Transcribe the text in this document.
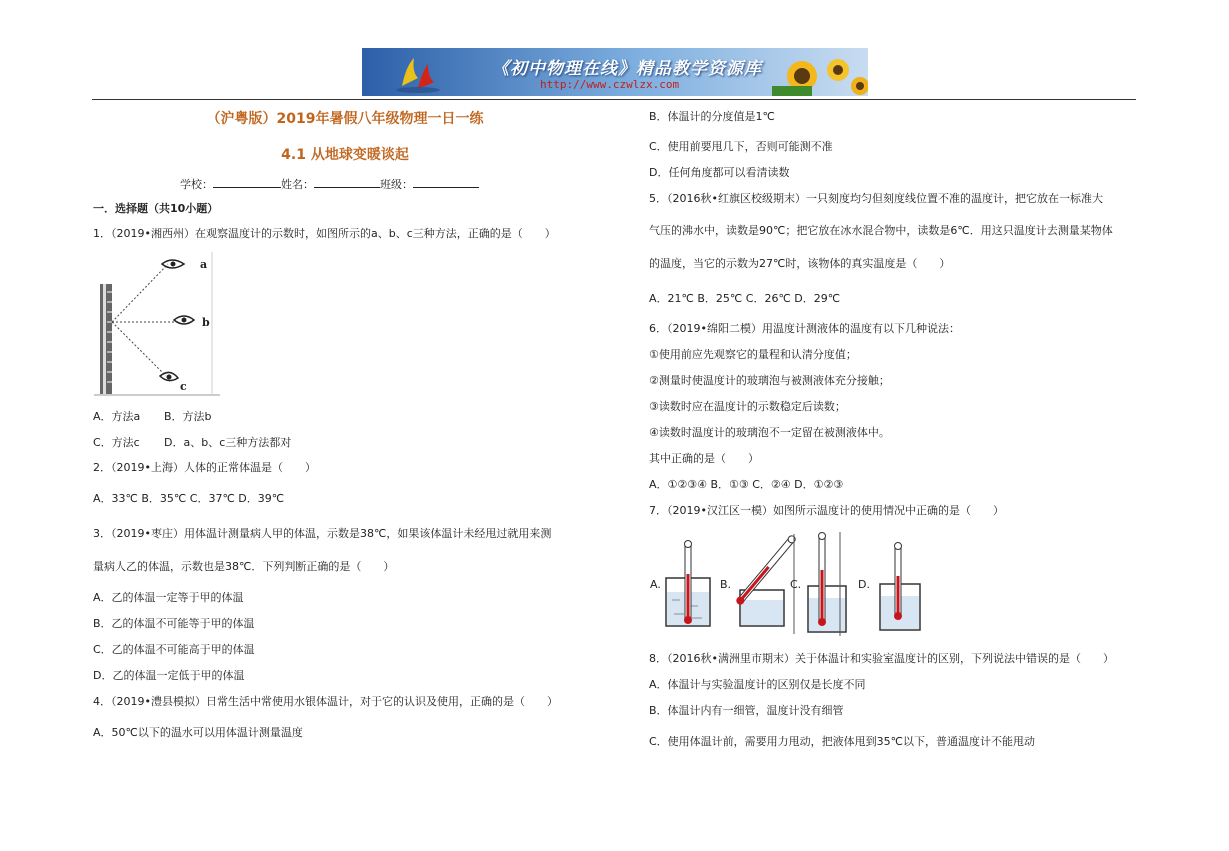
《初中物理在线》精品教学资源库
http://www.czwlzx.com
（沪粤版）2019年暑假八年级物理一日一练
4.1 从地球变暖谈起
学校：	姓名：	班级：
一．选择题（共10小题）
1．（2019•湘西州）在观察温度计的示数时，如图所示的a、b、c三种方法，正确的是（　　）
a
b
c
A．方法a B．方法b
C．方法c D．a、b、c三种方法都对
2．（2019•上海）人体的正常体温是（　　）
A．33℃ B．35℃ C．37℃ D．39℃
3．（2019•枣庄）用体温计测量病人甲的体温，示数是38℃，如果该体温计未经甩过就用来测
量病人乙的体温，示数也是38℃．下列判断正确的是（　　）
A．乙的体温一定等于甲的体温
B．乙的体温不可能等于甲的体温
C．乙的体温不可能高于甲的体温
D．乙的体温一定低于甲的体温
4．（2019•澧县模拟）日常生活中常使用水银体温计，对于它的认识及使用，正确的是（　　）
A．50℃以下的温水可以用体温计测量温度
B．体温计的分度值是1℃
C．使用前要甩几下，否则可能测不准
D．任何角度都可以看清读数
5．（2016秋•红旗区校级期末）一只刻度均匀但刻度线位置不准的温度计，把它放在一标准大
气压的沸水中，读数是90℃；把它放在冰水混合物中，读数是6℃．用这只温度计去测量某物体
的温度，当它的示数为27℃时，该物体的真实温度是（　　）
A．21℃ B．25℃ C．26℃ D．29℃
6．（2019•绵阳二模）用温度计测液体的温度有以下几种说法：
①使用前应先观察它的量程和认清分度值；
②测量时使温度计的玻璃泡与被测液体充分接触；
③读数时应在温度计的示数稳定后读数；
④读数时温度计的玻璃泡不一定留在被测液体中。
其中正确的是（　　）
A．①②③④ B．①③ C．②④ D．①②③
7．（2019•汉江区一模）如图所示温度计的使用情况中正确的是（　　）
A.	B.	C.	D.
8．（2016秋•满洲里市期末）关于体温计和实验室温度计的区别，下列说法中错误的是（　　）
A．体温计与实验温度计的区别仅是长度不同
B．体温计内有一细管，温度计没有细管
C．使用体温计前，需要用力甩动，把液体甩到35℃以下，普通温度计不能甩动
